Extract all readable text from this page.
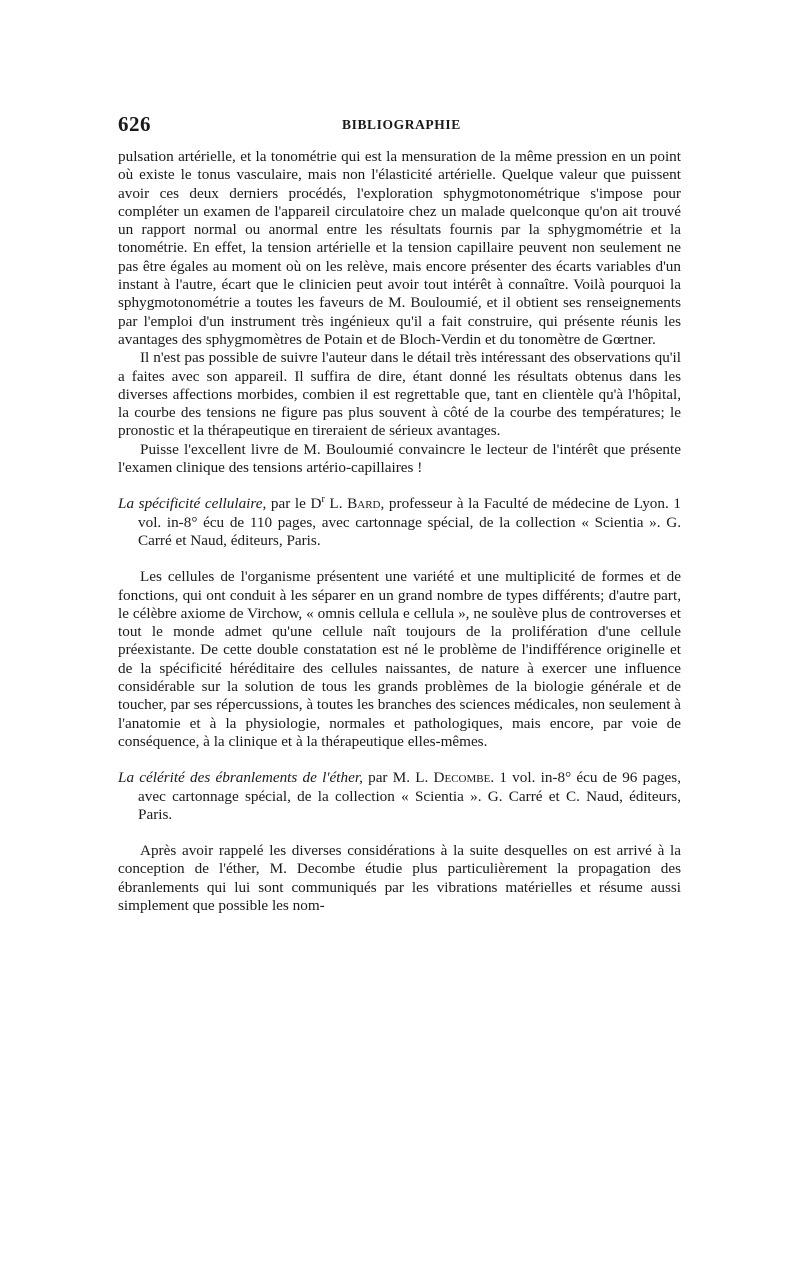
626	BIBLIOGRAPHIE

pulsation artérielle, et la tonométrie qui est la mensuration de la même pression en un point où existe le tonus vasculaire, mais non l'élasticité artérielle. Quelque valeur que puissent avoir ces deux derniers procédés, l'exploration sphygmotonométrique s'impose pour compléter un examen de l'appareil circulatoire chez un malade quelconque qu'on ait trouvé un rapport normal ou anormal entre les résultats fournis par la sphygmométrie et la tonométrie. En effet, la tension artérielle et la tension capillaire peuvent non seulement ne pas être égales au moment où on les relève, mais encore présenter des écarts variables d'un instant à l'autre, écart que le clinicien peut avoir tout intérêt à connaître. Voilà pourquoi la sphygmotonométrie a toutes les faveurs de M. Bouloumié, et il obtient ses renseignements par l'emploi d'un instrument très ingénieux qu'il a fait construire, qui présente réunis les avantages des sphygmomètres de Potain et de Bloch-Verdin et du tonomètre de Gœrtner.

Il n'est pas possible de suivre l'auteur dans le détail très intéressant des observations qu'il a faites avec son appareil. Il suffira de dire, étant donné les résultats obtenus dans les diverses affections morbides, combien il est regrettable que, tant en clientèle qu'à l'hôpital, la courbe des tensions ne figure pas plus souvent à côté de la courbe des températures; le pronostic et la thérapeutique en tireraient de sérieux avantages.

Puisse l'excellent livre de M. Bouloumié convaincre le lecteur de l'intérêt que présente l'examen clinique des tensions artério-capillaires !

La spécificité cellulaire, par le $D^r$ L. Bard, professeur à la Faculté de médecine de Lyon. 1 vol. in-8° écu de 110 pages, avec cartonnage spécial, de la collection « Scientia ». G. Carré et Naud, éditeurs, Paris.

Les cellules de l'organisme présentent une variété et une multiplicité de formes et de fonctions, qui ont conduit à les séparer en un grand nombre de types différents; d'autre part, le célèbre axiome de Virchow, « omnis cellula e cellula », ne soulève plus de controverses et tout le monde admet qu'une cellule naît toujours de la prolifération d'une cellule préexistante. De cette double constatation est né le problème de l'indifférence originelle et de la spécificité héréditaire des cellules naissantes, de nature à exercer une influence considérable sur la solution de tous les grands problèmes de la biologie générale et de toucher, par ses répercussions, à toutes les branches des sciences médicales, non seulement à l'anatomie et à la physiologie, normales et pathologiques, mais encore, par voie de conséquence, à la clinique et à la thérapeutique elles-mêmes.

La célérité des ébranlements de l'éther, par M. L. Decombe. 1 vol. in-8° écu de 96 pages, avec cartonnage spécial, de la collection « Scientia ». G. Carré et C. Naud, éditeurs, Paris.

Après avoir rappelé les diverses considérations à la suite desquelles on est arrivé à la conception de l'éther, M. Decombe étudie plus particulièrement la propagation des ébranlements qui lui sont communiqués par les vibrations matérielles et résume aussi simplement que possible les nom-
